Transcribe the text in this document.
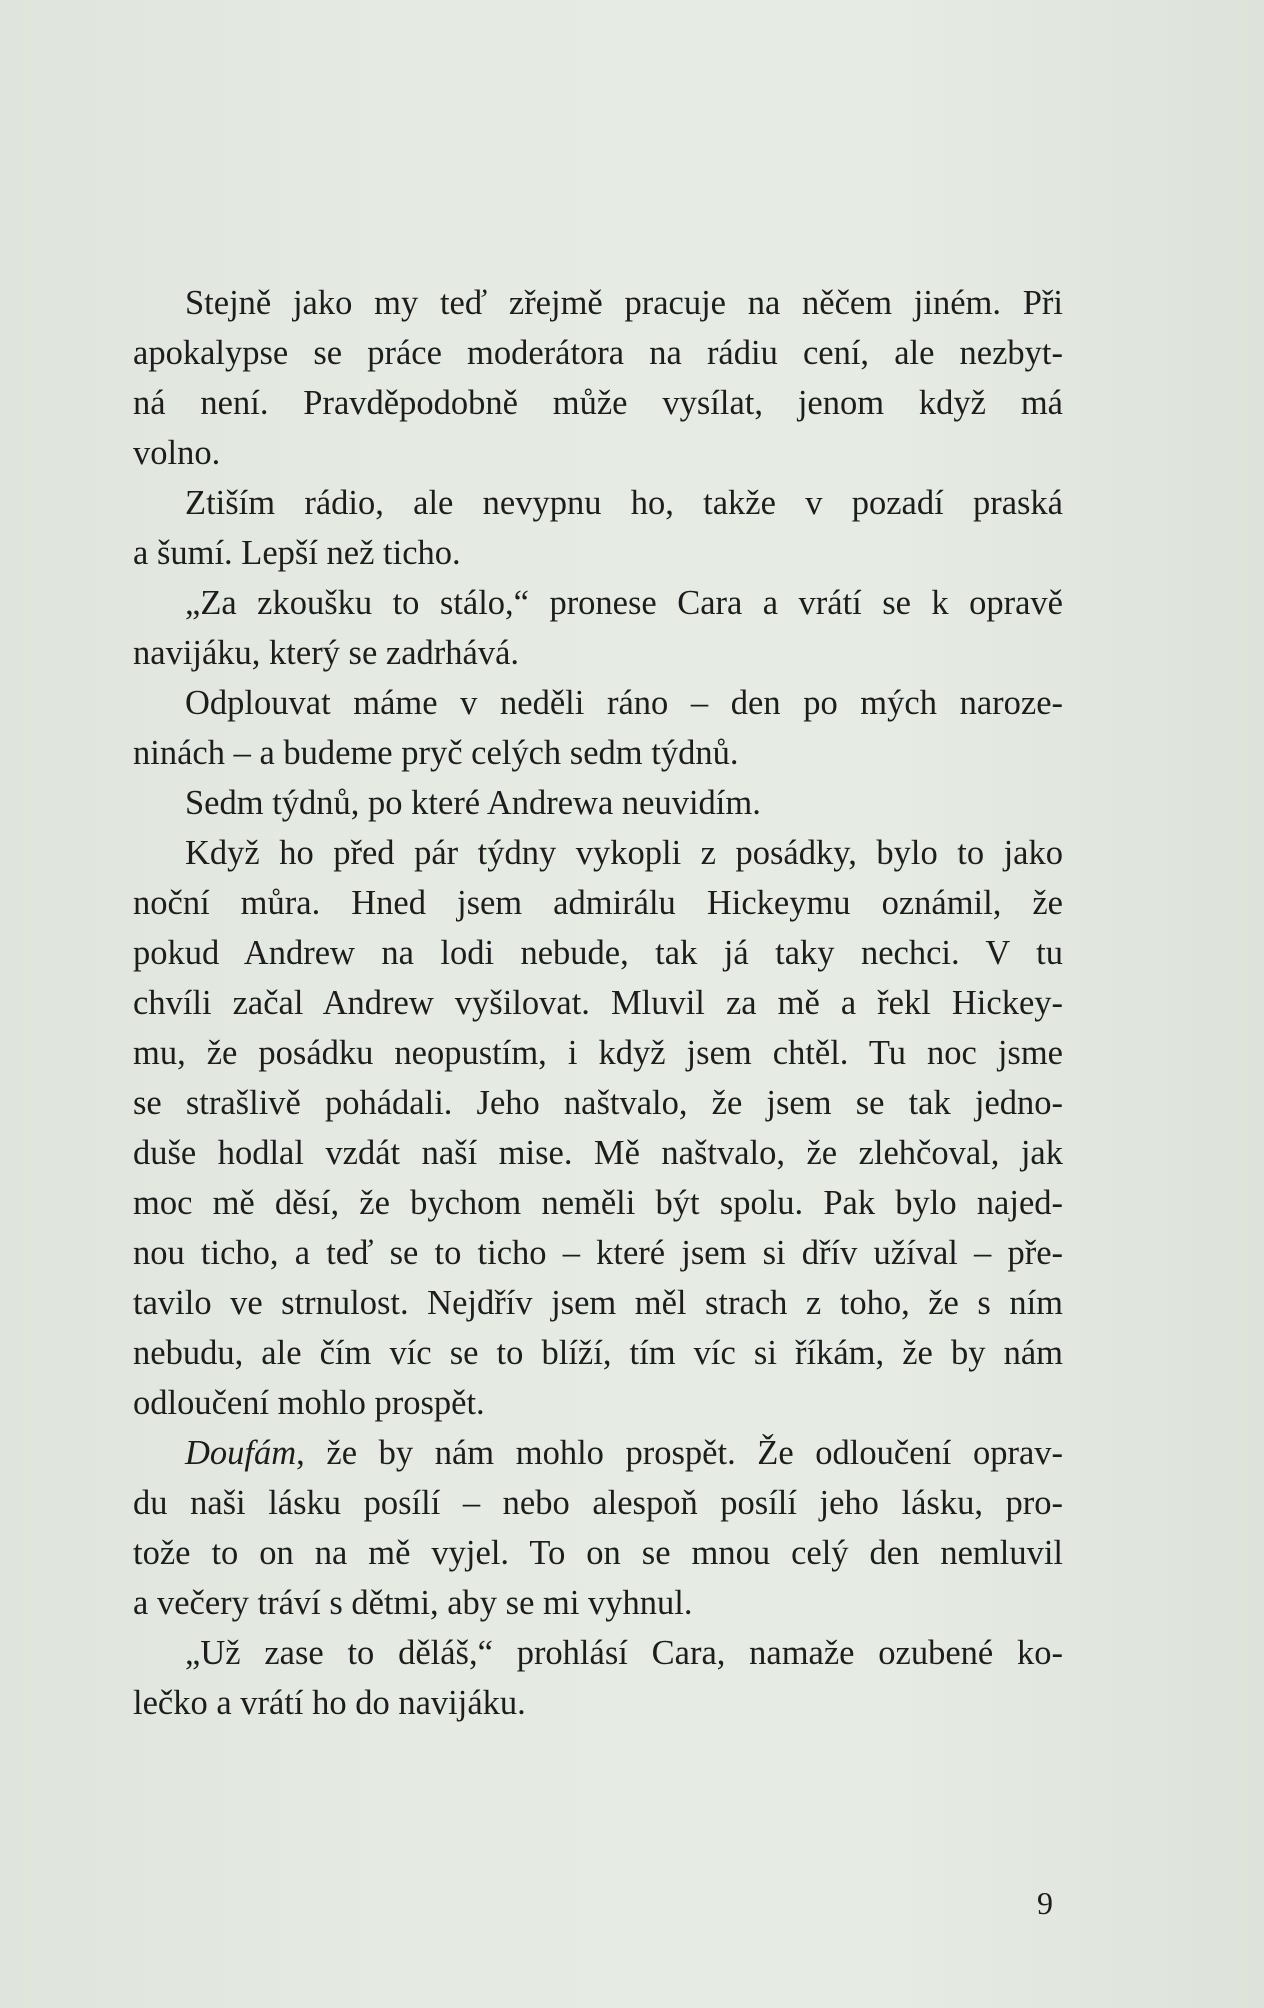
Stejně jako my teď zřejmě pracuje na něčem jiném. Při
apokalypse se práce moderátora na rádiu cení, ale nezbyt-
ná není. Pravděpodobně může vysílat, jenom když má
volno.
Ztiším rádio, ale nevypnu ho, takže v pozadí praská
a šumí. Lepší než ticho.
„Za zkoušku to stálo,“ pronese Cara a vrátí se k opravě
navijáku, který se zadrhává.
Odplouvat máme v neděli ráno – den po mých naroze-
ninách – a budeme pryč celých sedm týdnů.
Sedm týdnů, po které Andrewa neuvidím.
Když ho před pár týdny vykopli z posádky, bylo to jako
noční můra. Hned jsem admirálu Hickeymu oznámil, že
pokud Andrew na lodi nebude, tak já taky nechci. V tu
chvíli začal Andrew vyšilovat. Mluvil za mě a řekl Hickey-
mu, že posádku neopustím, i když jsem chtěl. Tu noc jsme
se strašlivě pohádali. Jeho naštvalo, že jsem se tak jedno-
duše hodlal vzdát naší mise. Mě naštvalo, že zlehčoval, jak
moc mě děsí, že bychom neměli být spolu. Pak bylo najed-
nou ticho, a teď se to ticho – které jsem si dřív užíval – pře-
tavilo ve strnulost. Nejdřív jsem měl strach z toho, že s ním
nebudu, ale čím víc se to blíží, tím víc si říkám, že by nám
odloučení mohlo prospět.
Doufám, že by nám mohlo prospět. Že odloučení oprav-
du naši lásku posílí – nebo alespoň posílí jeho lásku, pro-
tože to on na mě vyjel. To on se mnou celý den nemluvil
a večery tráví s dětmi, aby se mi vyhnul.
„Už zase to děláš,“ prohlásí Cara, namaže ozubené ko-
lečko a vrátí ho do navijáku.
9
